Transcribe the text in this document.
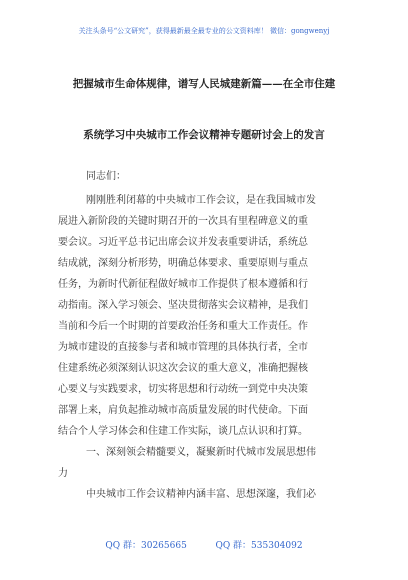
关注头条号“公文研究”，获得最新最全最专业的公文资料库！ 微信：gongwenyj
把握城市生命体规律，谱写人民城建新篇——在全市住建
系统学习中央城市工作会议精神专题研讨会上的发言
同志们：
刚刚胜利闭幕的中央城市工作会议，是在我国城市发
展进入新阶段的关键时期召开的一次具有里程碑意义的重
要会议。习近平总书记出席会议并发表重要讲话，系统总
结成就，深刻分析形势，明确总体要求、重要原则与重点
任务，为新时代新征程做好城市工作提供了根本遵循和行
动指南。深入学习领会、坚决贯彻落实会议精神，是我们
当前和今后一个时期的首要政治任务和重大工作责任。作
为城市建设的直接参与者和城市管理的具体执行者，全市
住建系统必须深刻认识这次会议的重大意义，准确把握核
心要义与实践要求，切实将思想和行动统一到党中央决策
部署上来，肩负起推动城市高质量发展的时代使命。下面
结合个人学习体会和住建工作实际，谈几点认识和打算。
一、深刻领会精髓要义，凝聚新时代城市发展思想伟
力
中央城市工作会议精神内涵丰富、思想深邃，我们必
QQ 群：30265665	QQ 群：535304092
